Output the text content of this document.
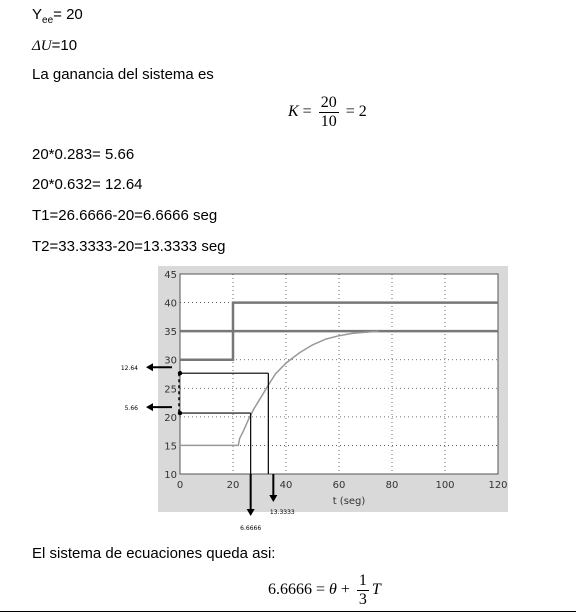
$Y_{ee}= 20$
ΔU=10
La ganancia del sistema es
$K = \frac{20}{10} = 2$
20*0.283= 5.66
20*0.632= 12.64
T1=26.6666-20=6.6666 seg
T2=33.3333-20=13.3333 seg
0	20	40	60	80	100	120
10
15
20
25
30
35
40
45
t (seg)
12.64
5.66
6.6666
13.3333
El sistema de ecuaciones queda asi:
$6.6666 = \theta + \frac{1}{3}$ T
